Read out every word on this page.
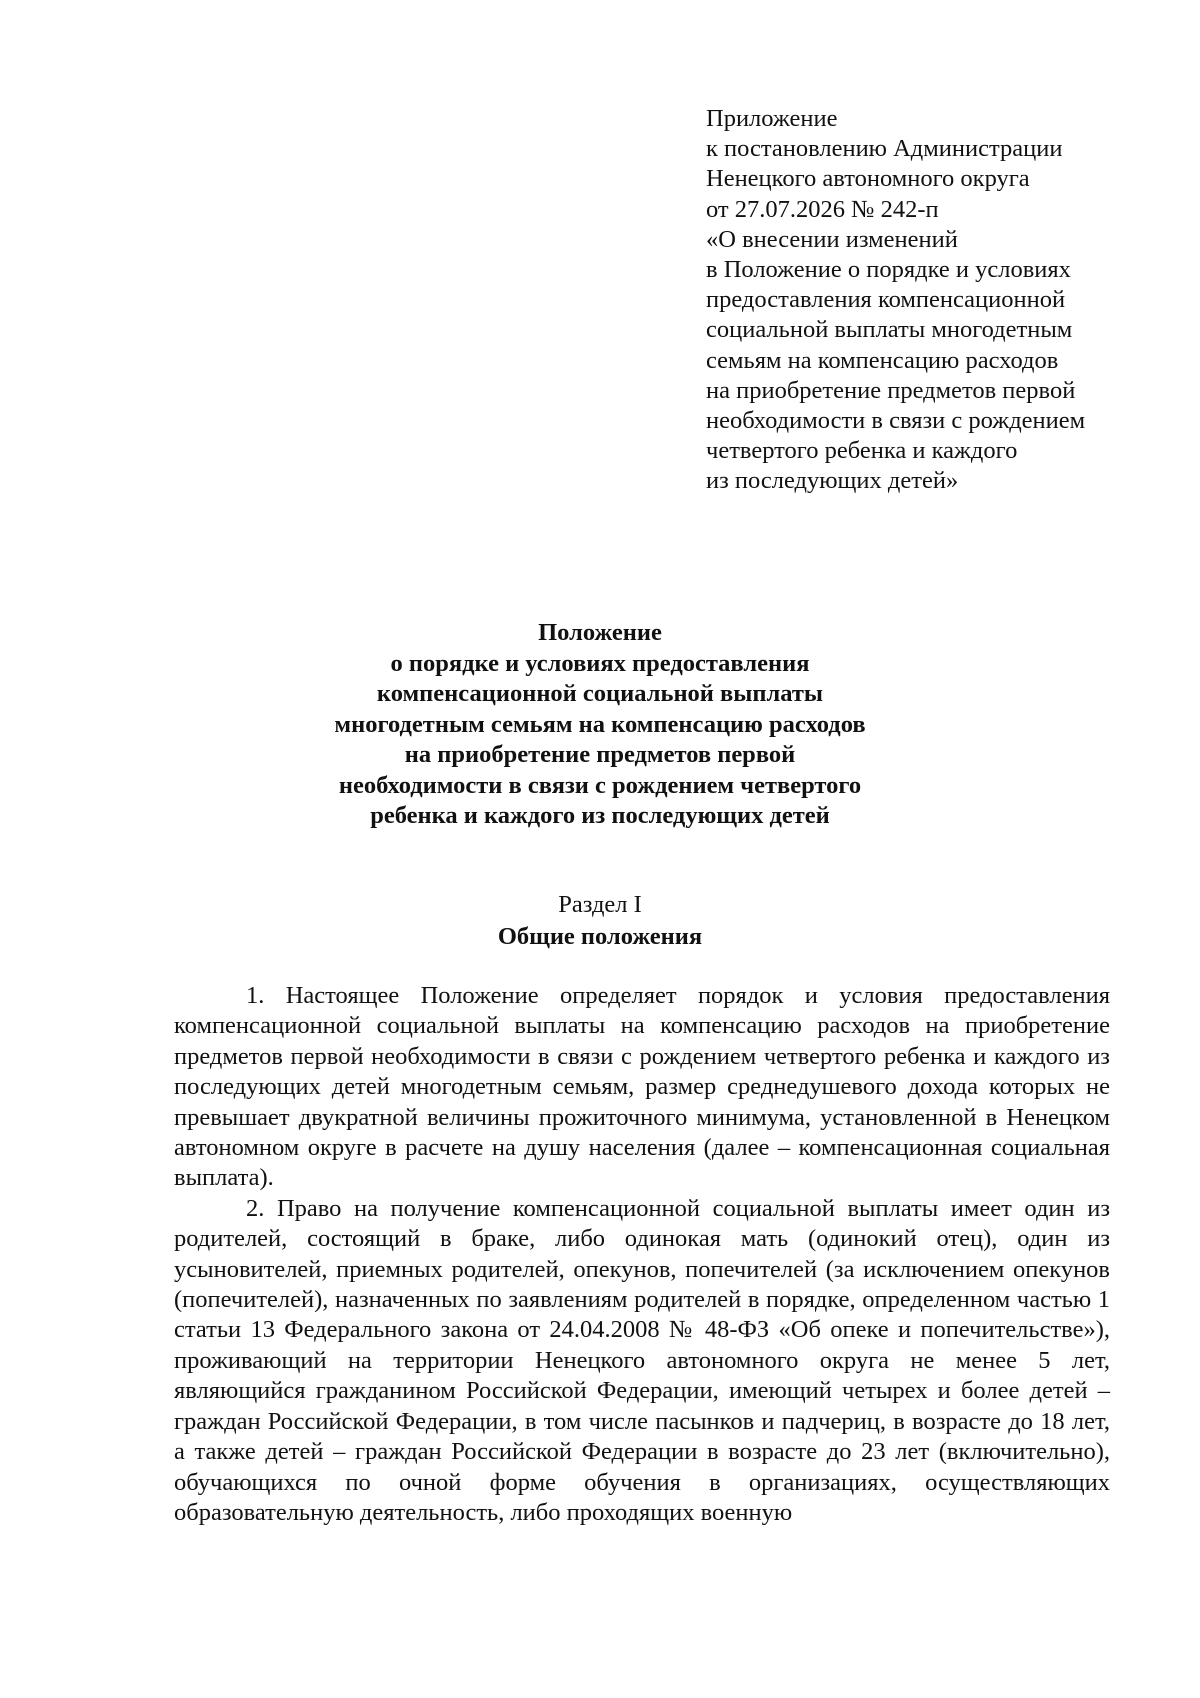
Приложение
к постановлению Администрации
Ненецкого автономного округа
от 27.07.2026 № 242-п
«О внесении изменений
в Положение о порядке и условиях
предоставления компенсационной
социальной выплаты многодетным
семьям на компенсацию расходов
на приобретение предметов первой
необходимости в связи с рождением
четвертого ребенка и каждого
из последующих детей»
Положение
о порядке и условиях предоставления
компенсационной социальной выплаты
многодетным семьям на компенсацию расходов
на приобретение предметов первой
необходимости в связи с рождением четвертого
ребенка и каждого из последующих детей
Раздел I
Общие положения

1. Настоящее Положение определяет порядок и условия предоставления компенсационной социальной выплаты на компенсацию расходов на приобретение предметов первой необходимости в связи с рождением четвертого ребенка и каждого из последующих детей многодетным семьям, размер среднедушевого дохода которых не превышает двукратной величины прожиточного минимума, установленной в Ненецком автономном округе в расчете на душу населения (далее – компенсационная социальная выплата).

2. Право на получение компенсационной социальной выплаты имеет один из родителей, состоящий в браке, либо одинокая мать (одинокий отец), один из усыновителей, приемных родителей, опекунов, попечителей (за исключением опекунов (попечителей), назначенных по заявлениям родителей в порядке, определенном частью 1 статьи 13 Федерального закона от 24.04.2008 № 48-ФЗ «Об опеке и попечительстве»), проживающий на территории Ненецкого автономного округа не менее 5 лет, являющийся гражданином Российской Федерации, имеющий четырех и более детей – граждан Российской Федерации, в том числе пасынков и падчериц, в возрасте до 18 лет, а также детей – граждан Российской Федерации в возрасте до 23 лет (включительно), обучающихся по очной форме обучения в организациях, осуществляющих образовательную деятельность, либо проходящих военную
